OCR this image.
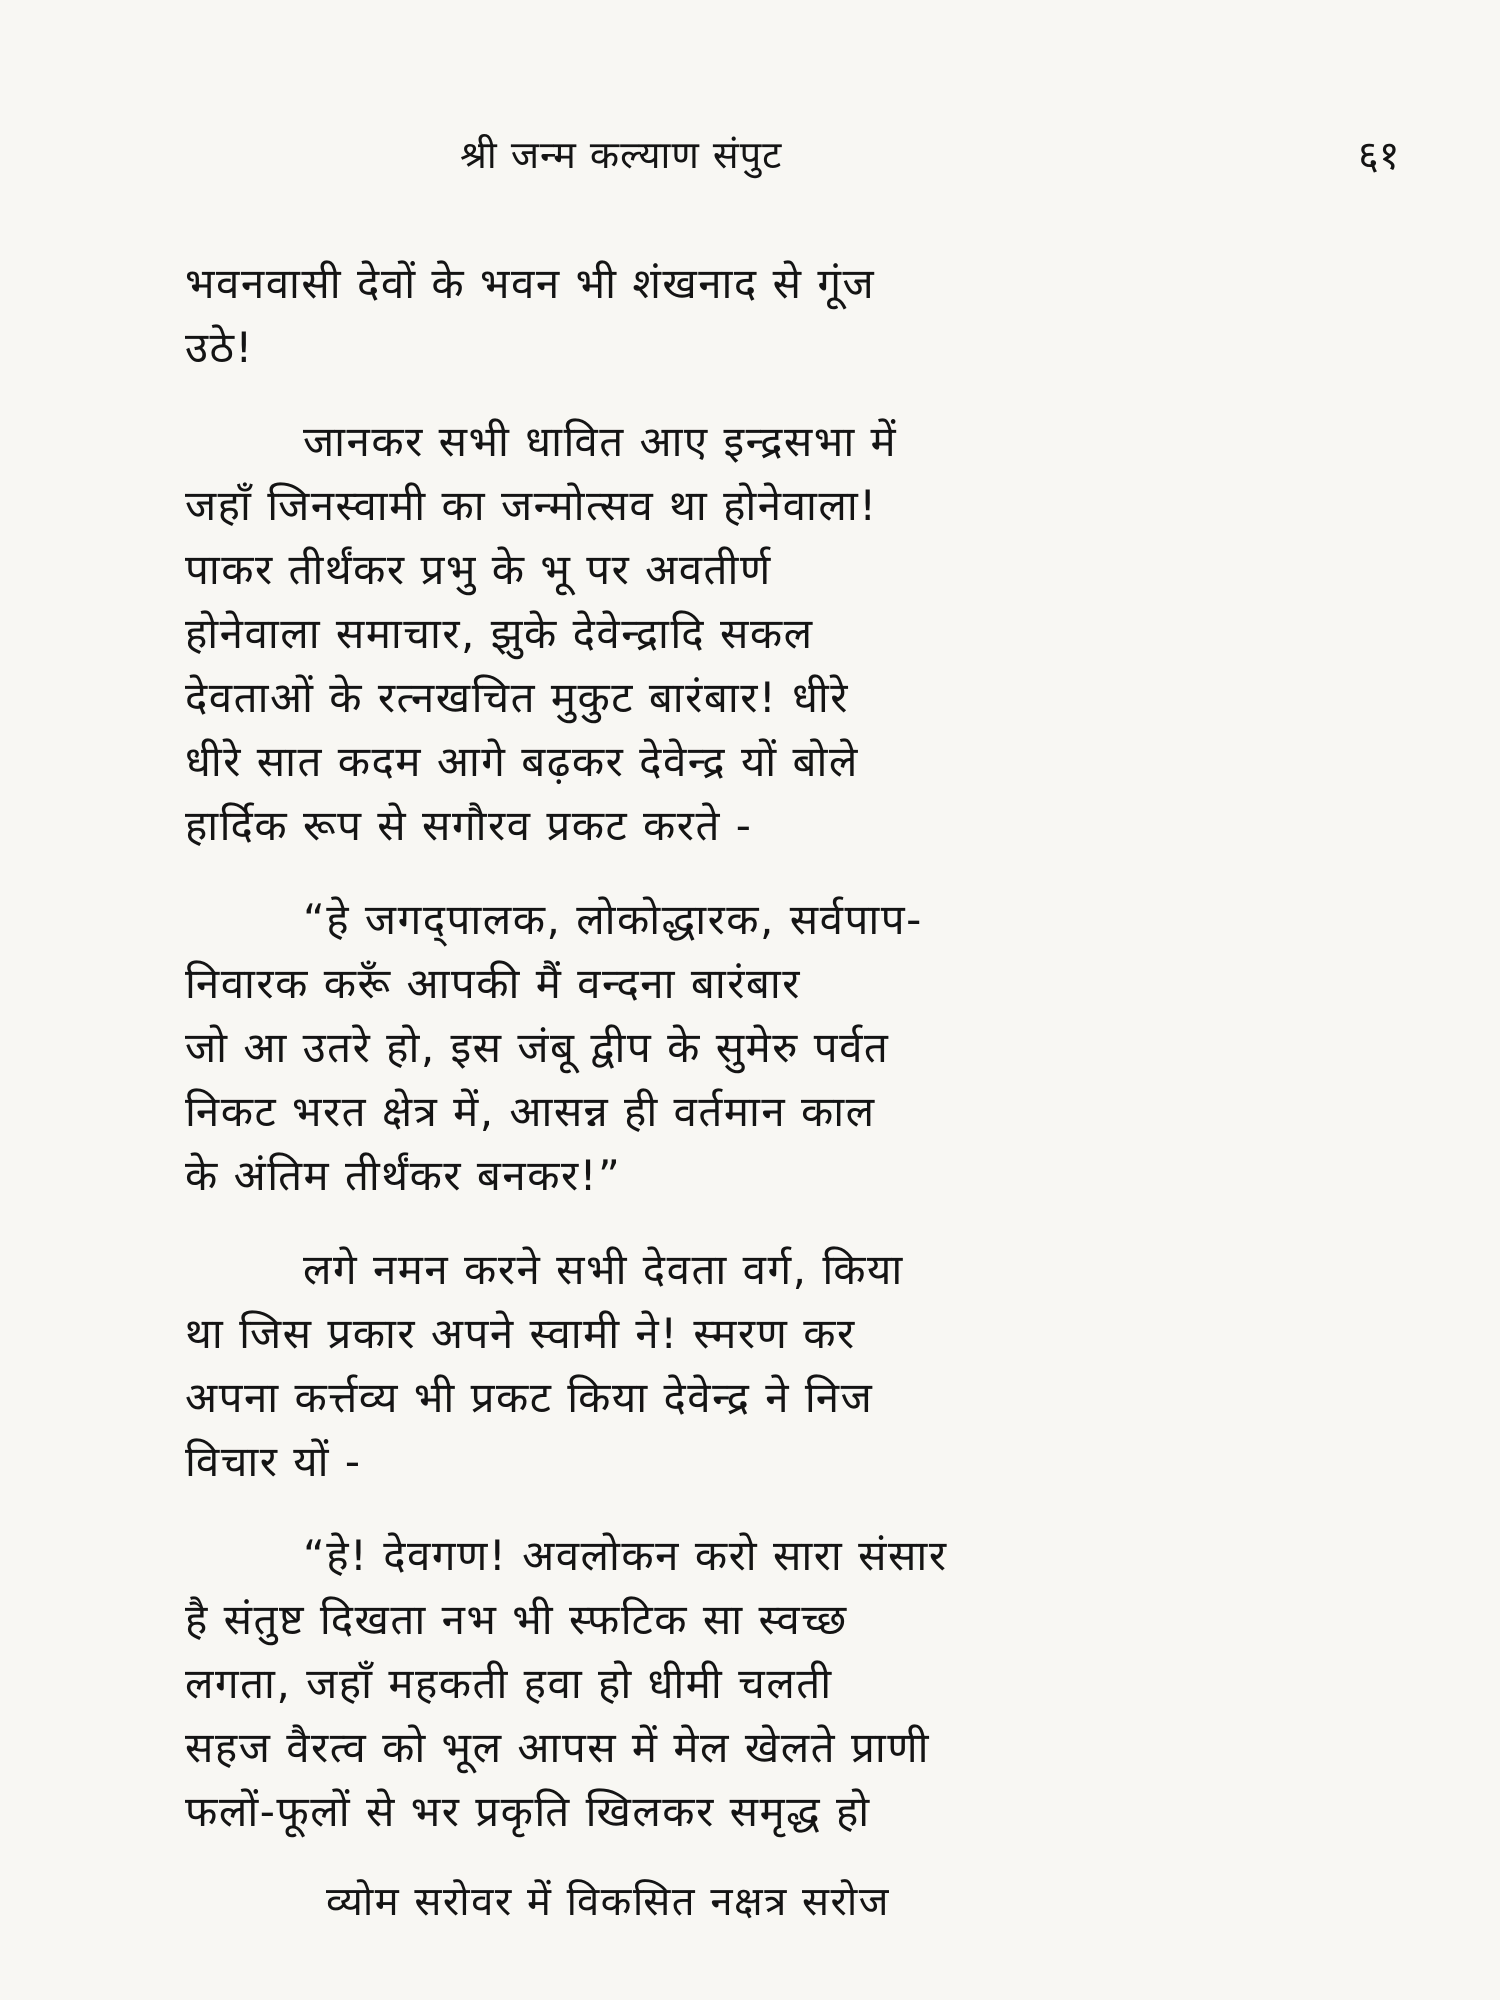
श्री जन्म कल्याण संपुट	६१
भवनवासी देवों के भवन भी शंखनाद से गूंज
उठे!
जानकर सभी धावित आए इन्द्रसभा में
जहाँ जिनस्वामी का जन्मोत्सव था होनेवाला!
पाकर तीर्थंकर प्रभु के भू पर अवतीर्ण
होनेवाला समाचार, झुके देवेन्द्रादि सकल
देवताओं के रत्नखचित मुकुट बारंबार! धीरे
धीरे सात कदम आगे बढ़कर देवेन्द्र यों बोले
हार्दिक रूप से सगौरव प्रकट करते -
“हे जगद्पालक, लोकोद्धारक, सर्वपाप-
निवारक करूँ आपकी मैं वन्दना बारंबार
जो आ उतरे हो, इस जंबू द्वीप के सुमेरु पर्वत
निकट भरत क्षेत्र में, आसन्न ही वर्तमान काल
के अंतिम तीर्थंकर बनकर!”
लगे नमन करने सभी देवता वर्ग, किया
था जिस प्रकार अपने स्वामी ने! स्मरण कर
अपना कर्त्तव्य भी प्रकट किया देवेन्द्र ने निज
विचार यों -
“हे! देवगण! अवलोकन करो सारा संसार
है संतुष्ट दिखता नभ भी स्फटिक सा स्वच्छ
लगता, जहाँ महकती हवा हो धीमी चलती
सहज वैरत्व को भूल आपस में मेल खेलते प्राणी
फलों-फूलों से भर प्रकृति खिलकर समृद्ध हो
व्योम सरोवर में विकसित नक्षत्र सरोज
